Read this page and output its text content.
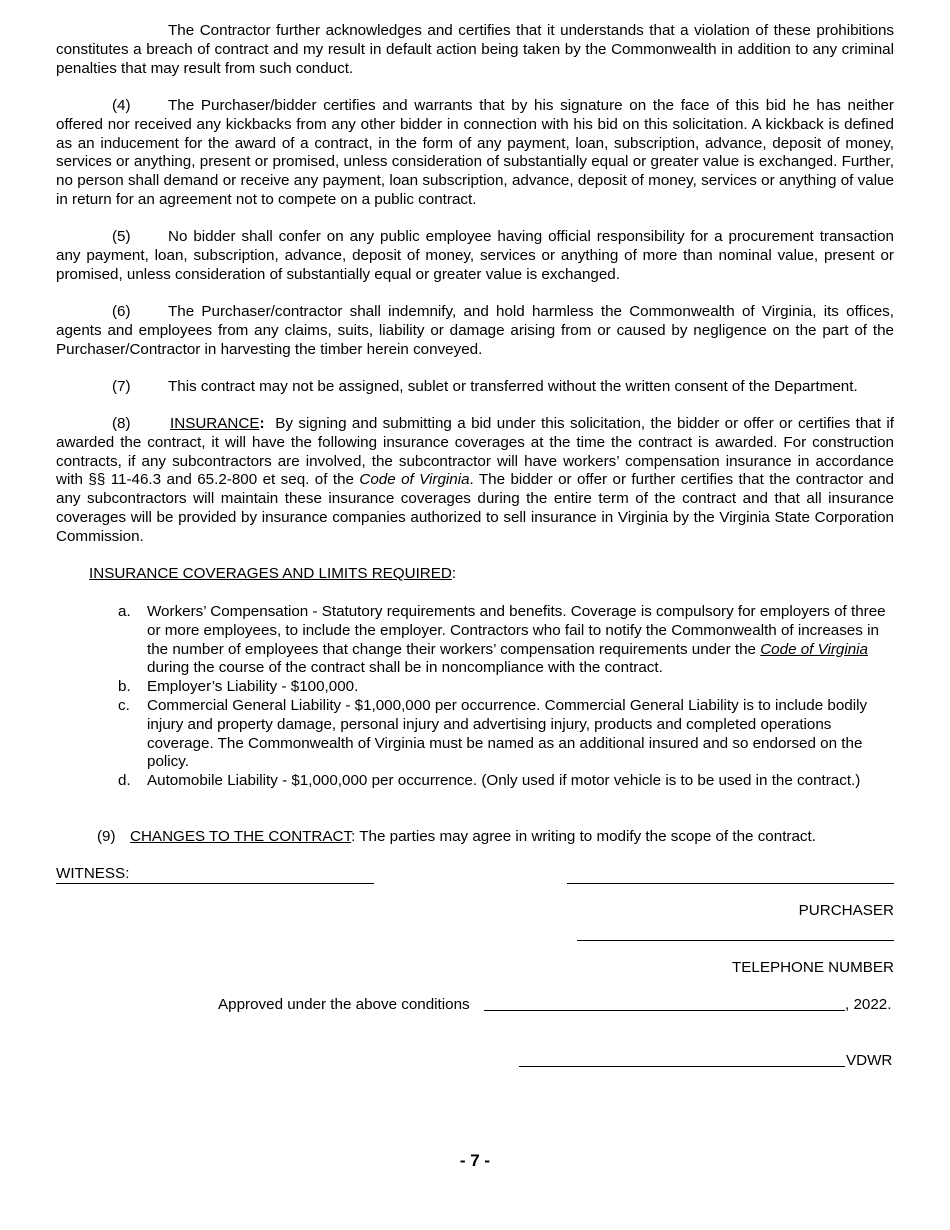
The Contractor further acknowledges and certifies that it understands that a violation of these prohibitions constitutes a breach of contract and my result in default action being taken by the Commonwealth in addition to any criminal penalties that may result from such conduct.

(4) The Purchaser/bidder certifies and warrants that by his signature on the face of this bid he has neither offered nor received any kickbacks from any other bidder in connection with his bid on this solicitation. A kickback is defined as an inducement for the award of a contract, in the form of any payment, loan, subscription, advance, deposit of money, services or anything, present or promised, unless consideration of substantially equal or greater value is exchanged. Further, no person shall demand or receive any payment, loan subscription, advance, deposit of money, services or anything of value in return for an agreement not to compete on a public contract.

(5) No bidder shall confer on any public employee having official responsibility for a procurement transaction any payment, loan, subscription, advance, deposit of money, services or anything of more than nominal value, present or promised, unless consideration of substantially equal or greater value is exchanged.

(6) The Purchaser/contractor shall indemnify, and hold harmless the Commonwealth of Virginia, its offices, agents and employees from any claims, suits, liability or damage arising from or caused by negligence on the part of the Purchaser/Contractor in harvesting the timber herein conveyed.

(7) This contract may not be assigned, sublet or transferred without the written consent of the Department.

(8)	INSURANCE: By signing and submitting a bid under this solicitation, the bidder or offer or certifies that if awarded the contract, it will have the following insurance coverages at the time the contract is awarded. For construction contracts, if any subcontractors are involved, the subcontractor will have workers’ compensation insurance in accordance with §§ 11-46.3 and 65.2-800 et seq. of the Code of Virginia. The bidder or offer or further certifies that the contractor and any subcontractors will maintain these insurance coverages during the entire term of the contract and that all insurance coverages will be provided by insurance companies authorized to sell insurance in Virginia by the Virginia State Corporation Commission.

INSURANCE COVERAGES AND LIMITS REQUIRED:

a. Workers’ Compensation - Statutory requirements and benefits. Coverage is compulsory for employers of three or more employees, to include the employer. Contractors who fail to notify the Commonwealth of increases in the number of employees that change their workers’ compensation requirements under the Code of Virginia during the course of the contract shall be in noncompliance with the contract.
b. Employer’s Liability - $100,000.
c. Commercial General Liability - $1,000,000 per occurrence. Commercial General Liability is to include bodily injury and property damage, personal injury and advertising injury, products and completed operations coverage. The Commonwealth of Virginia must be named as an additional insured and so endorsed on the policy.
d. Automobile Liability - $1,000,000 per occurrence. (Only used if motor vehicle is to be used in the contract.)

(9) CHANGES TO THE CONTRACT: The parties may agree in writing to modify the scope of the contract.

WITNESS:

PURCHASER

TELEPHONE NUMBER

Approved under the above conditions	, 2022.

VDWR

- 7 -
